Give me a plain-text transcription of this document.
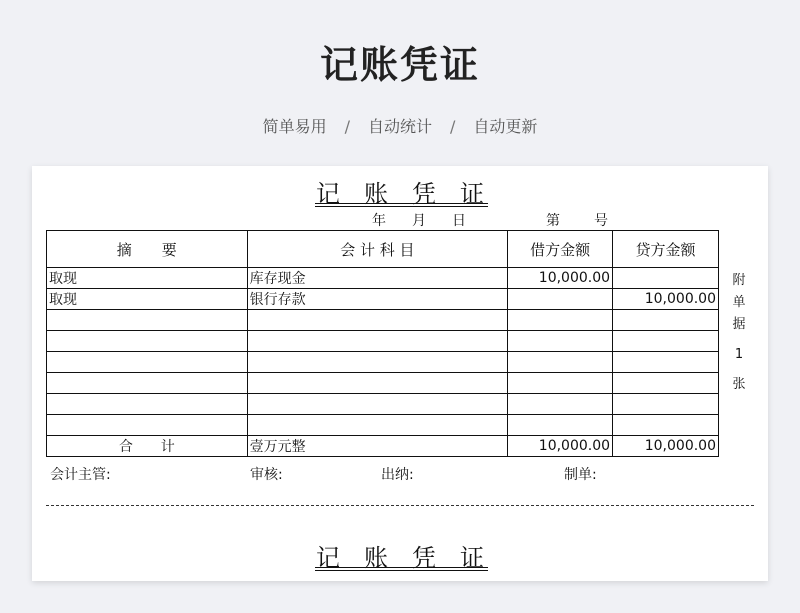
记账凭证
简单易用 / 自动统计 / 自动更新
记 账 凭 证
年 月 日	第 号
摘　　要	会 计 科 目	借方金额	贷方金额
取现	库存现金	10,000.00	
取现	银行存款		10,000.00

合　　计	壹万元整	10,000.00	10,000.00
附
单
据
1
张
会计主管:	审核:	出纳:	制单:
记 账 凭 证
